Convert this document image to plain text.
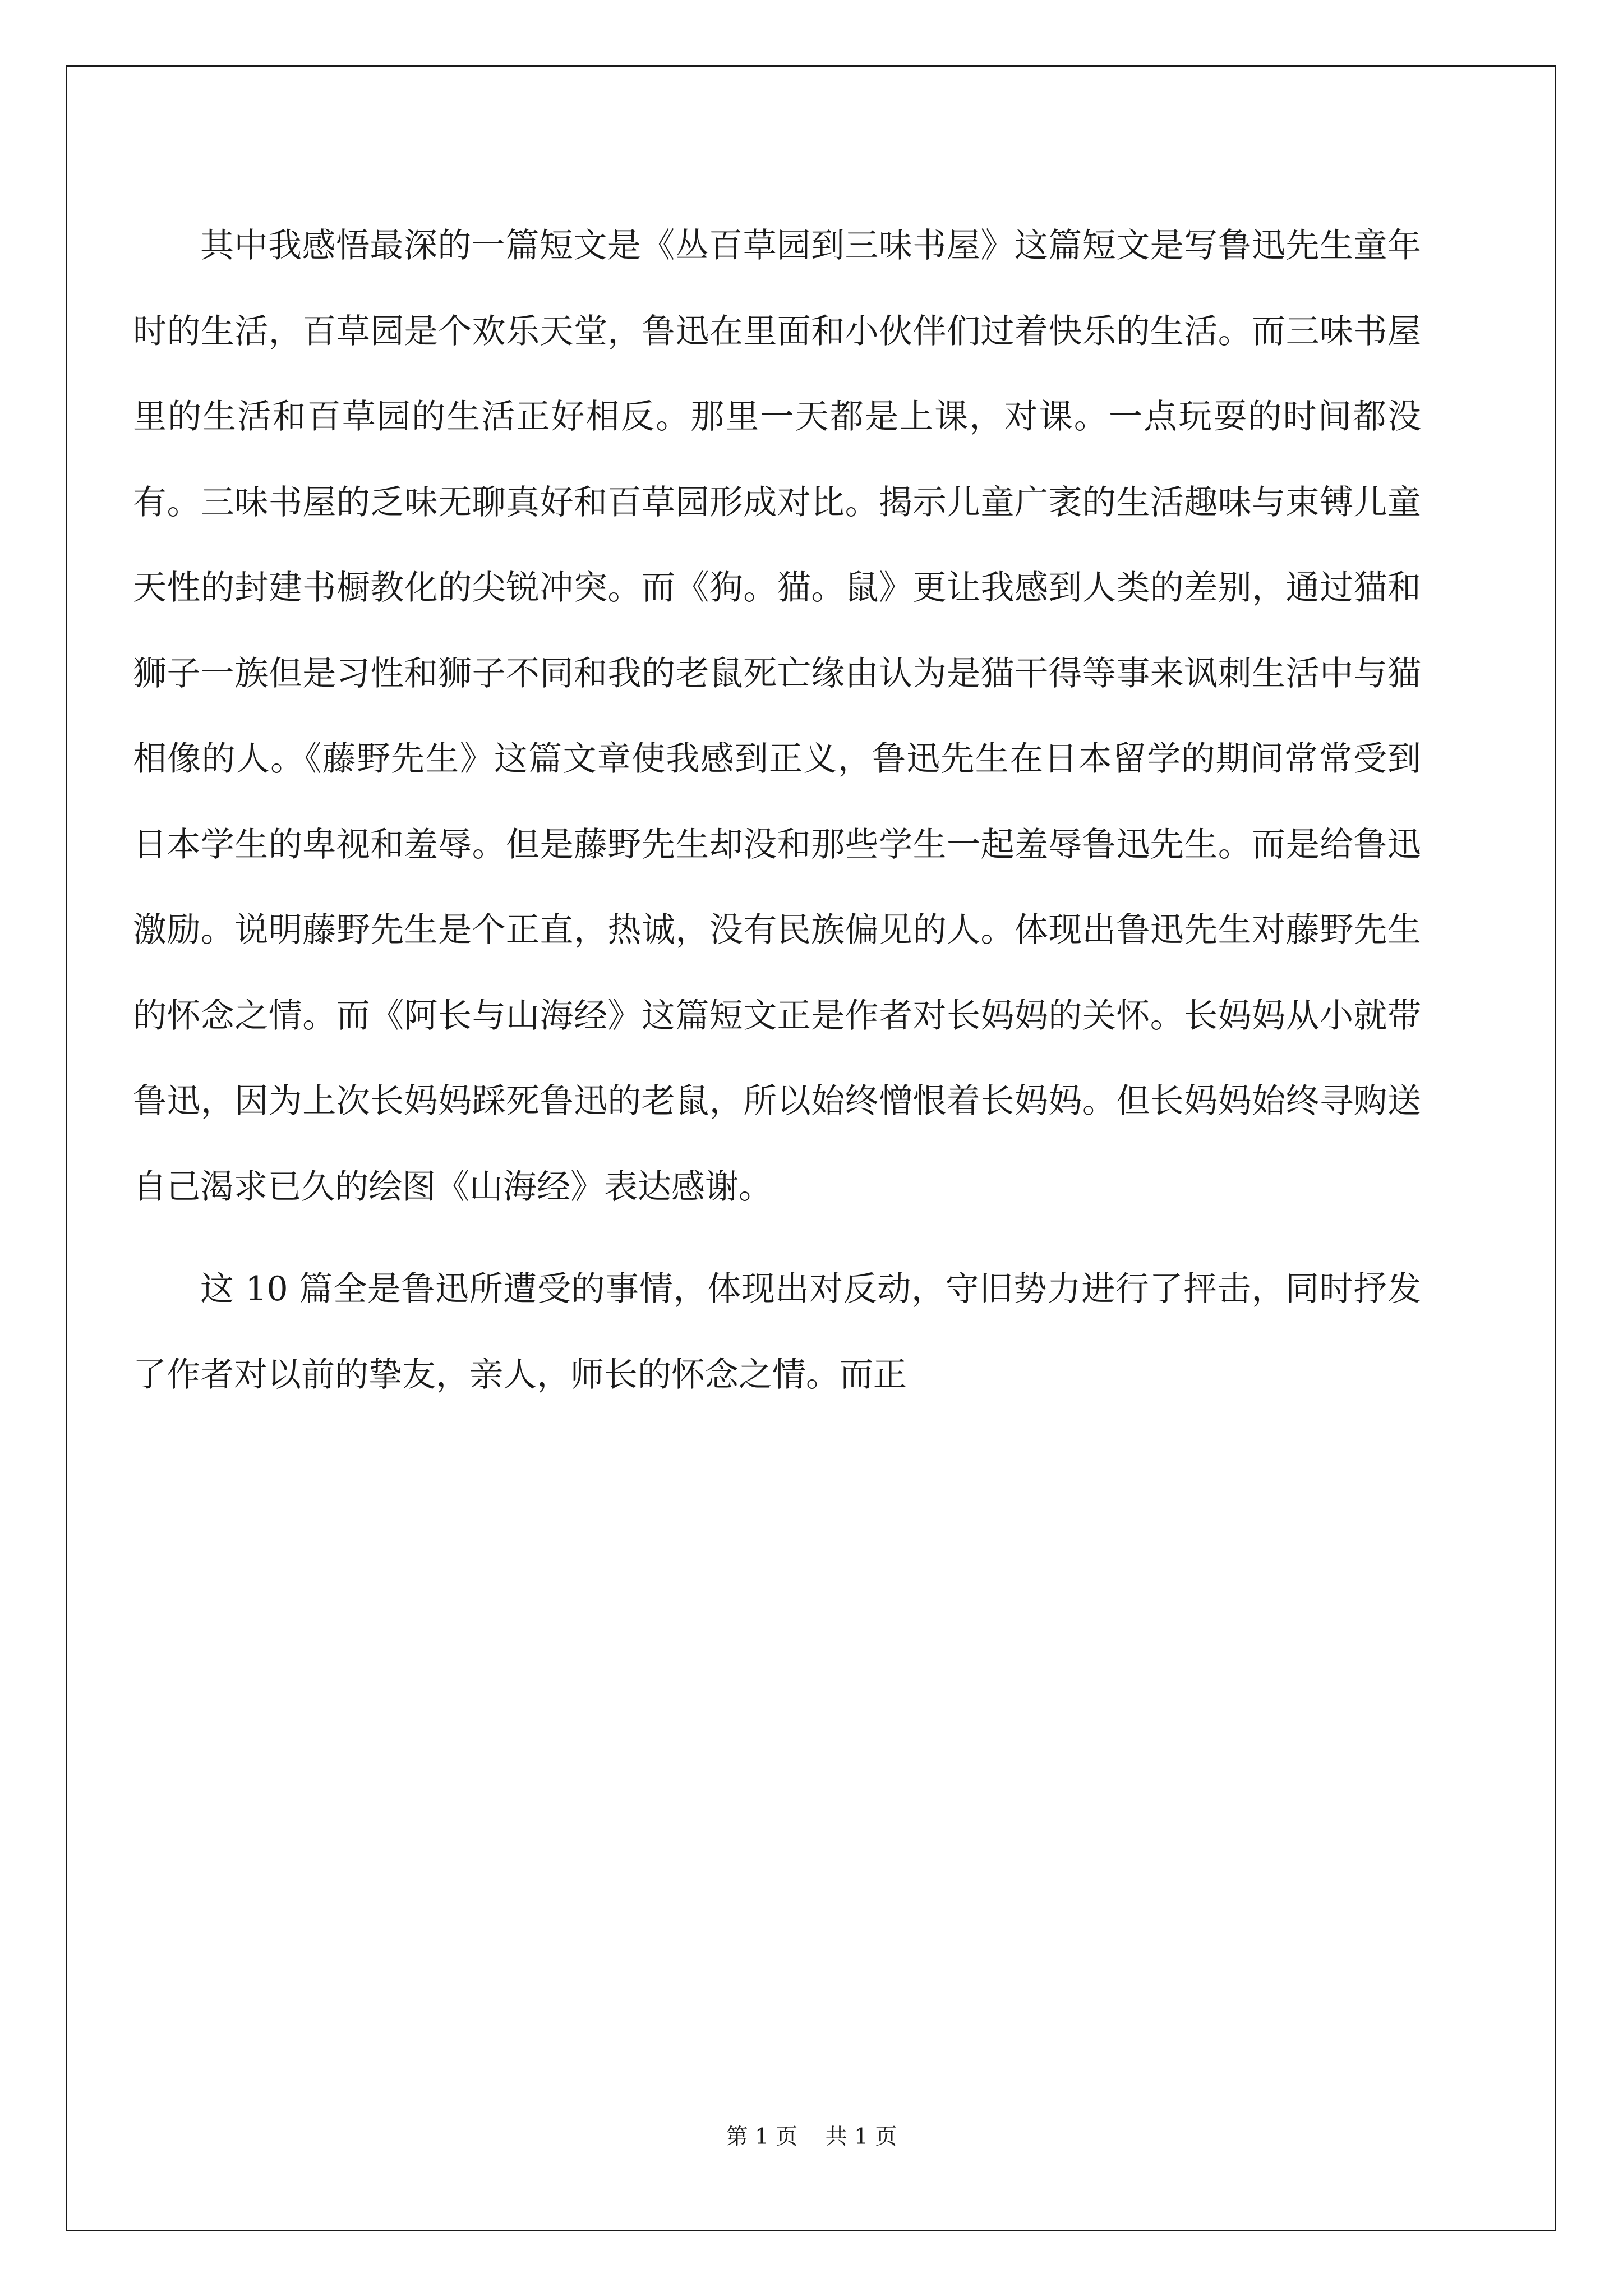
其中我感悟最深的一篇短文是《丛百草园到三味书屋》这篇短文是写鲁迅先生童年时的生活，百草园是个欢乐天堂，鲁迅在里面和小伙伴们过着快乐的生活。而三味书屋里的生活和百草园的生活正好相反。那里一天都是上课，对课。一点玩耍的时间都没有。三味书屋的乏味无聊真好和百草园形成对比。揭示儿童广袤的生活趣味与束镈儿童天性的封建书橱教化的尖锐冲突。而《狗。猫。鼠》更让我感到人类的差别，通过猫和狮子一族但是习性和狮子不同和我的老鼠死亡缘由认为是猫干得等事来讽刺生活中与猫相像的人。《藤野先生》这篇文章使我感到正义，鲁迅先生在日本留学的期间常常受到日本学生的卑视和羞辱。但是藤野先生却没和那些学生一起羞辱鲁迅先生。而是给鲁迅激励。说明藤野先生是个正直，热诚，没有民族偏见的人。体现出鲁迅先生对藤野先生的怀念之情。而《阿长与山海经》这篇短文正是作者对长妈妈的关怀。长妈妈从小就带鲁迅，因为上次长妈妈踩死鲁迅的老鼠，所以始终憎恨着长妈妈。但长妈妈始终寻购送自己渴求已久的绘图《山海经》表达感谢。

这 10 篇全是鲁迅所遭受的事情，体现出对反动，守旧势力进行了抨击，同时抒发了作者对以前的挚友，亲人，师长的怀念之情。而正

第 1 页    共 1 页
